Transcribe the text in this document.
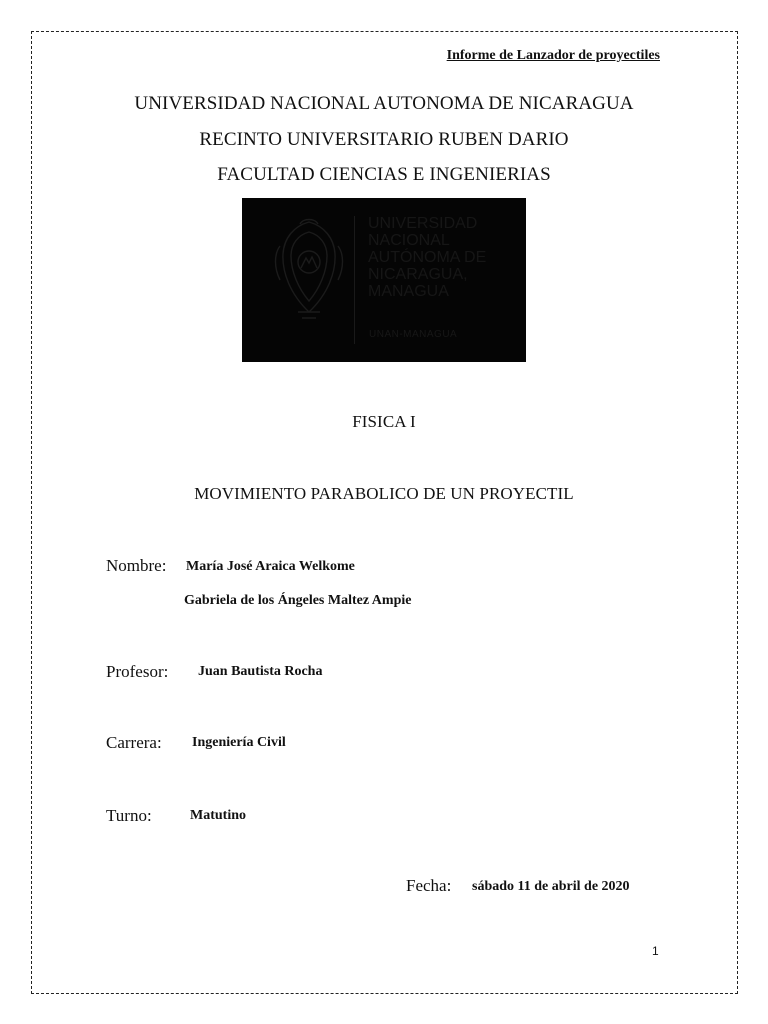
Informe de Lanzador de proyectiles
UNIVERSIDAD NACIONAL AUTONOMA DE NICARAGUA
RECINTO UNIVERSITARIO RUBEN DARIO
FACULTAD CIENCIAS E INGENIERIAS
UNIVERSIDAD
NACIONAL
AUTÓNOMA DE
NICARAGUA,
MANAGUA
UNAN-MANAGUA
FISICA I
MOVIMIENTO PARABOLICO DE UN PROYECTIL
Nombre: María José Araica Welkome
Gabriela de los Ángeles Maltez Ampie
Profesor: Juan Bautista Rocha
Carrera: Ingeniería Civil
Turno:	Matutino
Fecha: sábado 11 de abril de 2020
1
